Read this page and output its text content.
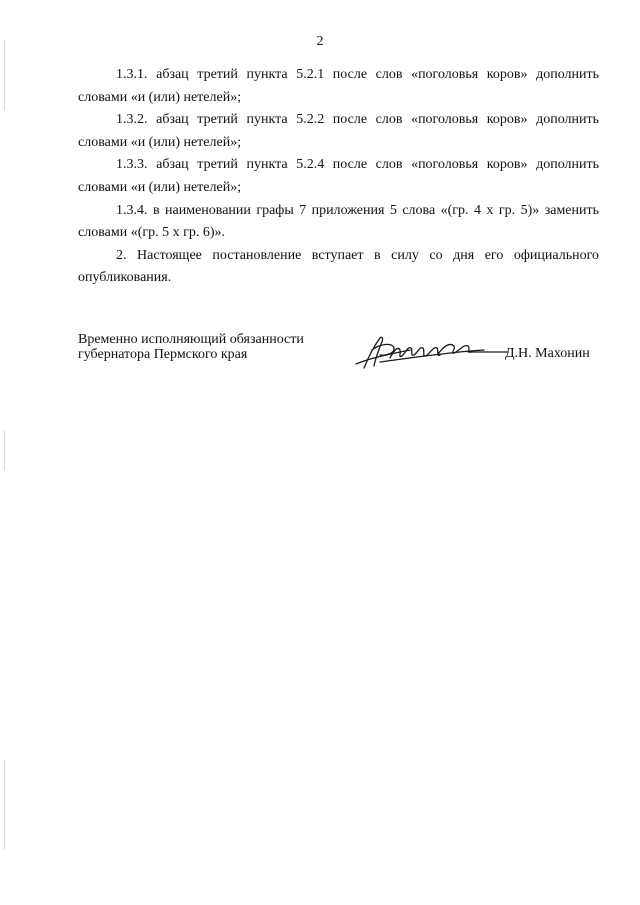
2

1.3.1. абзац третий пункта 5.2.1 после слов «поголовья коров» дополнить словами «и (или) нетелей»;

1.3.2. абзац третий пункта 5.2.2 после слов «поголовья коров» дополнить словами «и (или) нетелей»;

1.3.3. абзац третий пункта 5.2.4 после слов «поголовья коров» дополнить словами «и (или) нетелей»;

1.3.4. в наименовании графы 7 приложения 5 слова «(гр. 4 х гр. 5)» заменить словами «(гр. 5 х гр. 6)».

2. Настоящее постановление вступает в силу со дня его официального опубликования.

Временно исполняющий обязанности
губернатора Пермского края	Д.Н. Махонин
